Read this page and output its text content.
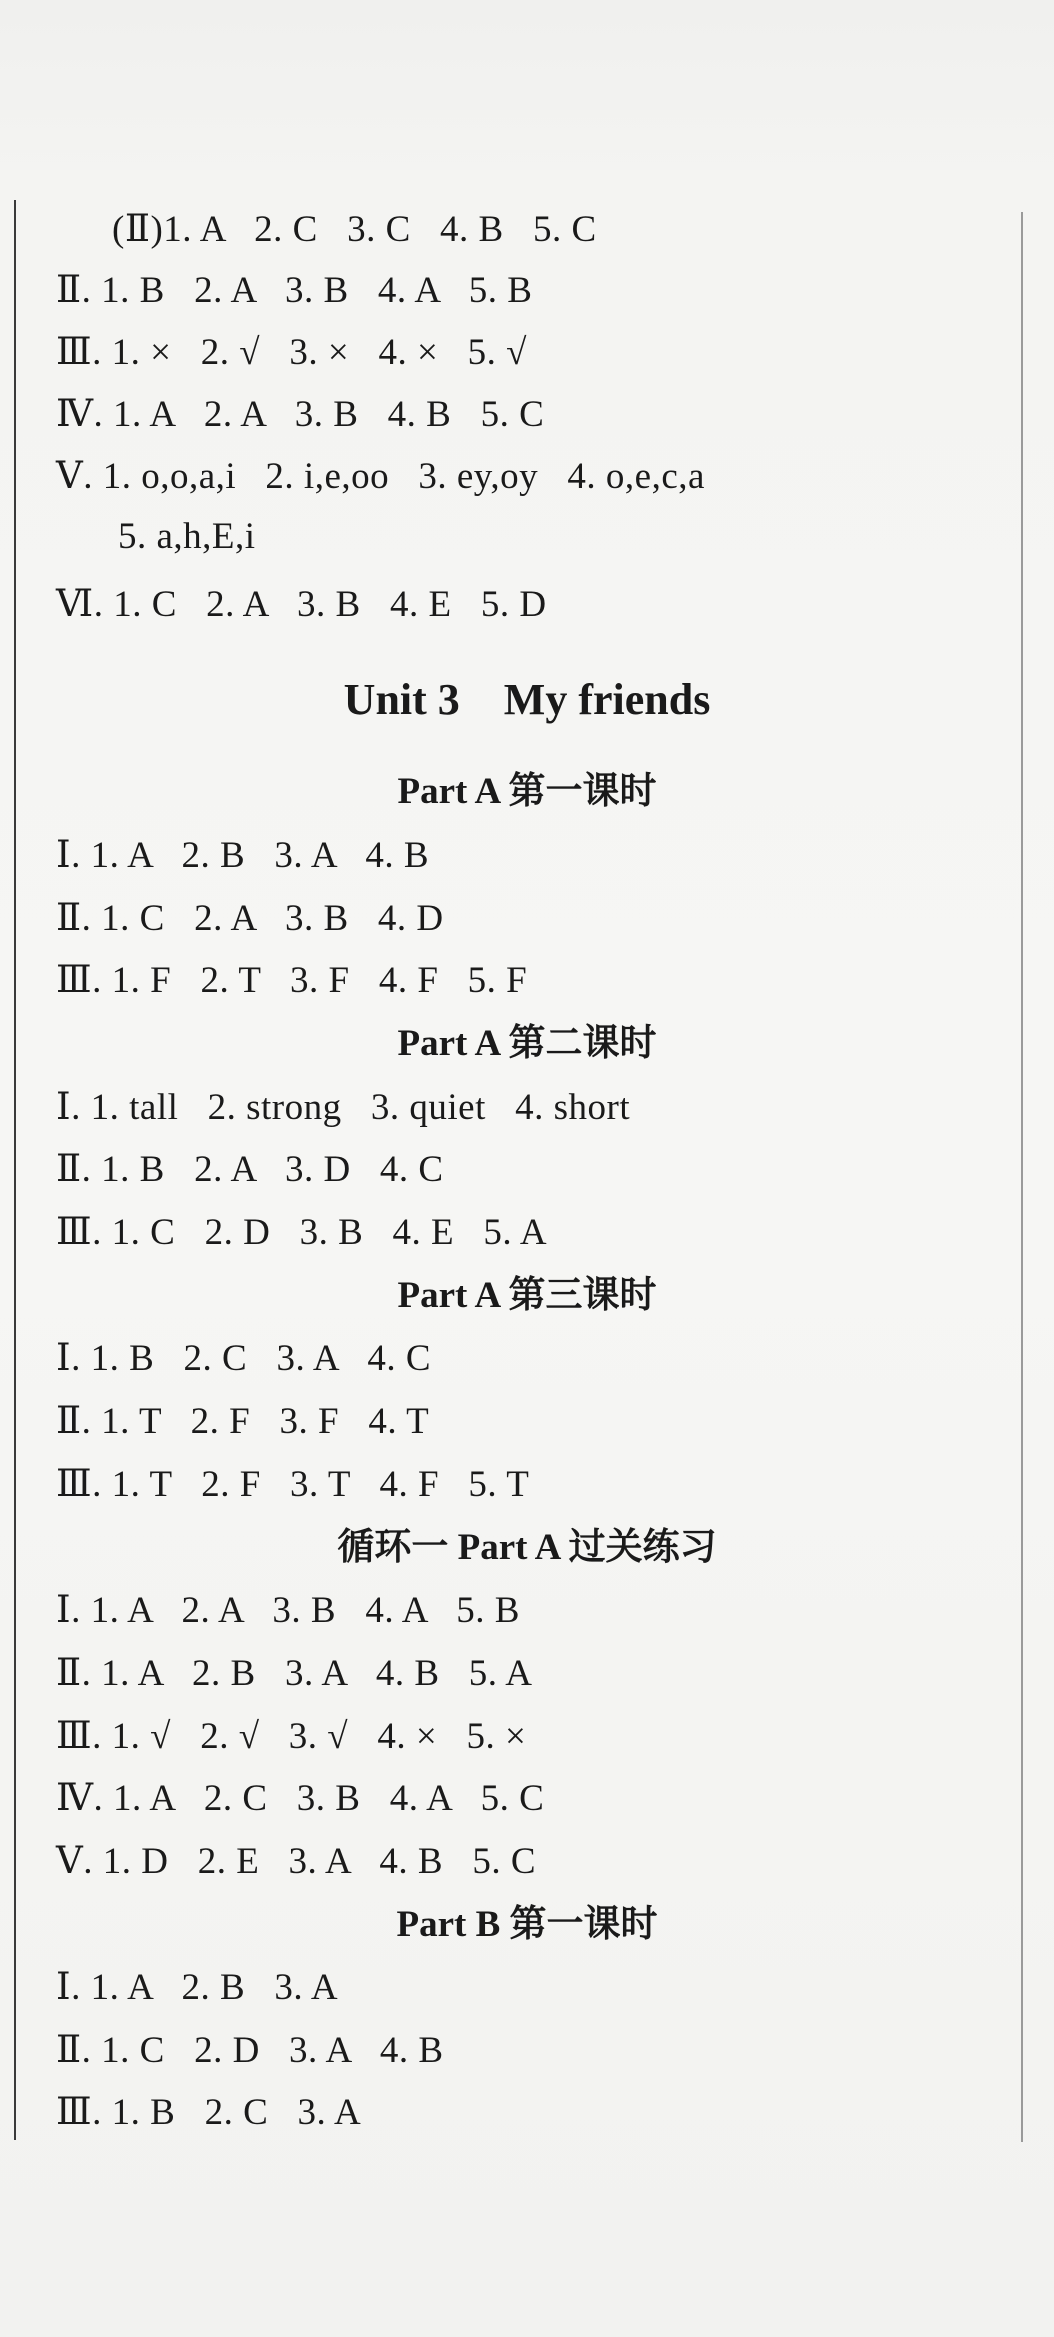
(Ⅱ)1. A   2. C   3. C   4. B   5. C
Ⅱ. 1. B   2. A   3. B   4. A   5. B
Ⅲ. 1. ×   2. √   3. ×   4. ×   5. √
Ⅳ. 1. A   2. A   3. B   4. B   5. C
Ⅴ. 1. o,o,a,i   2. i,e,oo   3. ey,oy   4. o,e,c,a
5. a,h,E,i
Ⅵ. 1. C   2. A   3. B   4. E   5. D
Unit 3    My friends
Part A 第一课时
Ⅰ. 1. A   2. B   3. A   4. B
Ⅱ. 1. C   2. A   3. B   4. D
Ⅲ. 1. F   2. T   3. F   4. F   5. F
Part A 第二课时
Ⅰ. 1. tall   2. strong   3. quiet   4. short
Ⅱ. 1. B   2. A   3. D   4. C
Ⅲ. 1. C   2. D   3. B   4. E   5. A
Part A 第三课时
Ⅰ. 1. B   2. C   3. A   4. C
Ⅱ. 1. T   2. F   3. F   4. T
Ⅲ. 1. T   2. F   3. T   4. F   5. T
循环一 Part A 过关练习
Ⅰ. 1. A   2. A   3. B   4. A   5. B
Ⅱ. 1. A   2. B   3. A   4. B   5. A
Ⅲ. 1. √   2. √   3. √   4. ×   5. ×
Ⅳ. 1. A   2. C   3. B   4. A   5. C
Ⅴ. 1. D   2. E   3. A   4. B   5. C
Part B 第一课时
Ⅰ. 1. A   2. B   3. A
Ⅱ. 1. C   2. D   3. A   4. B
Ⅲ. 1. B   2. C   3. A
